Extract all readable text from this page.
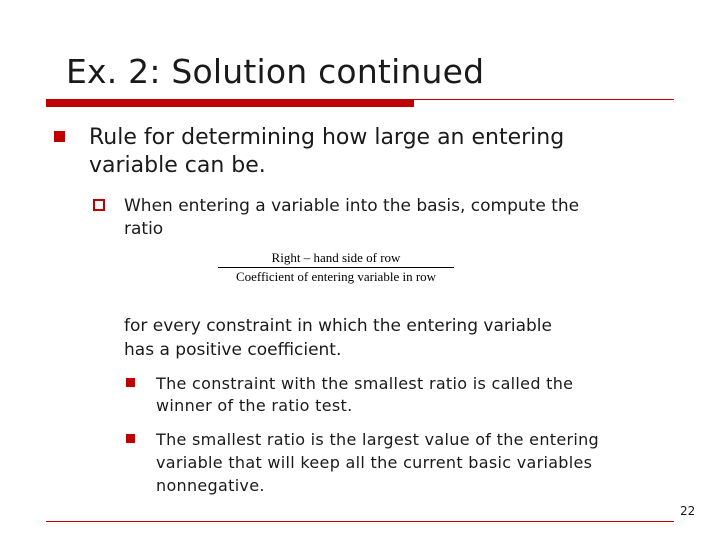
Ex. 2: Solution continued
Rule for determining how large an entering
variable can be.
When entering a variable into the basis, compute the
ratio
Right – hand side of row
Coefficient of entering variable in row
for every constraint in which the entering variable
has a positive coefficient.
The constraint with the smallest ratio is called the
winner of the ratio test.
The smallest ratio is the largest value of the entering
variable that will keep all the current basic variables
nonnegative.
22
